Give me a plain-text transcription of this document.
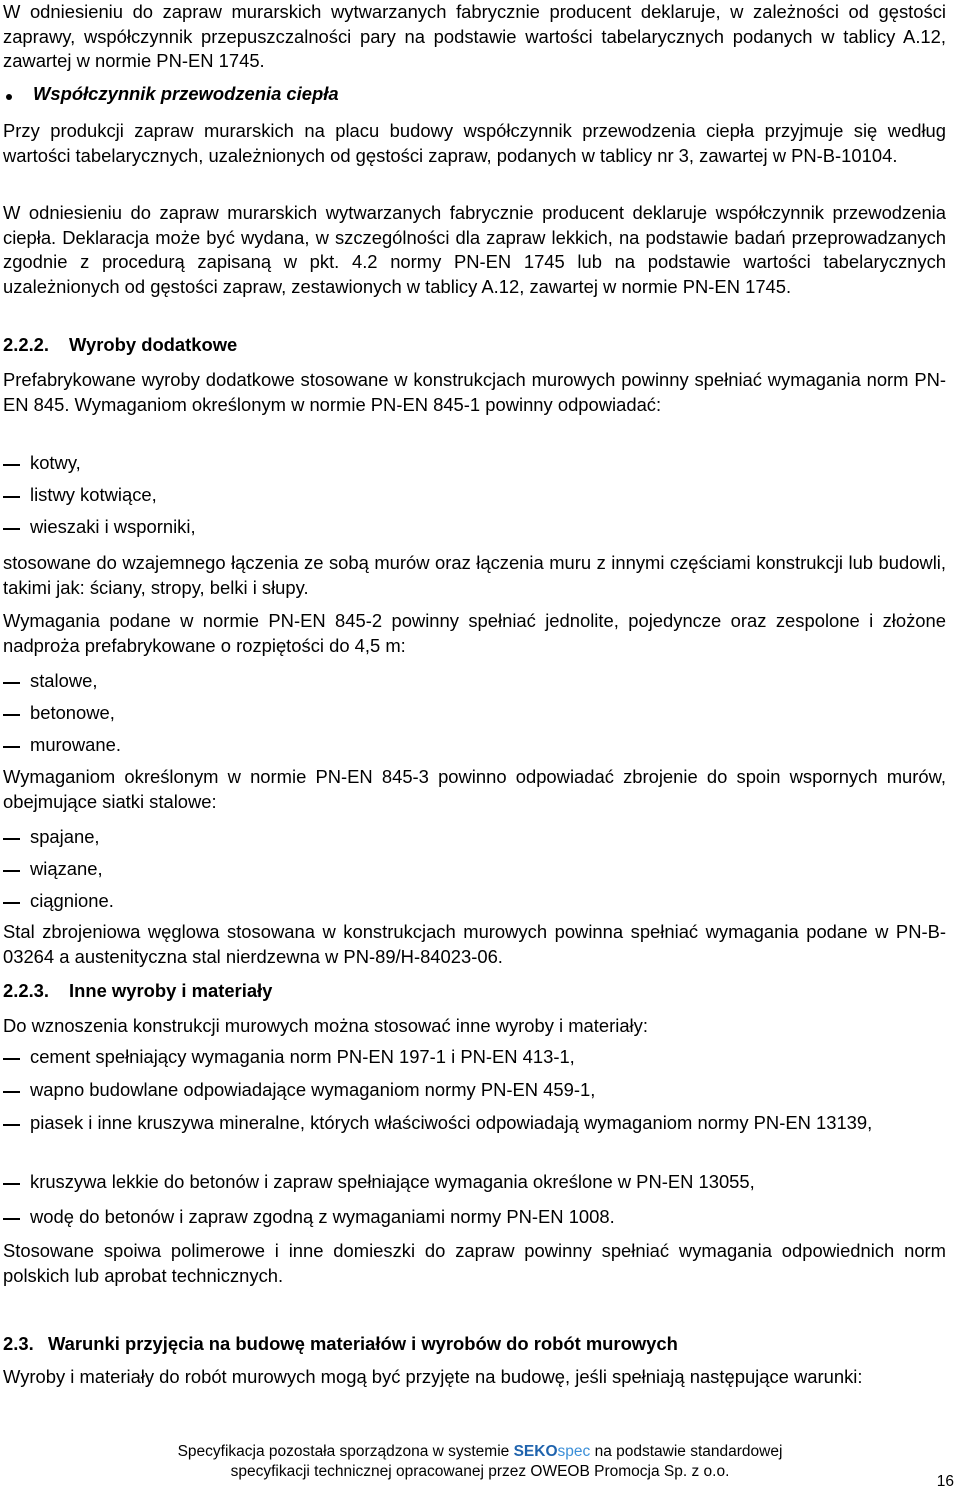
W odniesieniu do zapraw murarskich wytwarzanych fabrycznie producent deklaruje, w zależności od gęstości zaprawy, współczynnik przepuszczalności pary na podstawie wartości tabelarycznych podanych w tablicy A.12, zawartej w normie PN-EN 1745.

Współczynnik przewodzenia ciepła

Przy produkcji zapraw murarskich na placu budowy współczynnik przewodzenia ciepła przyjmuje się według wartości tabelarycznych, uzależnionych od gęstości zapraw, podanych w tablicy nr 3, zawartej w PN-B-10104.

W odniesieniu do zapraw murarskich wytwarzanych fabrycznie producent deklaruje współczynnik przewodzenia ciepła. Deklaracja może być wydana, w szczególności dla zapraw lekkich, na podstawie badań przeprowadzanych zgodnie z procedurą zapisaną w pkt. 4.2 normy PN-EN 1745 lub na podstawie wartości tabelarycznych uzależnionych od gęstości zapraw, zestawionych w tablicy A.12, zawartej w normie PN-EN 1745.

2.2.2. Wyroby dodatkowe

Prefabrykowane wyroby dodatkowe stosowane w konstrukcjach murowych powinny spełniać wymagania norm PN-EN 845. Wymaganiom określonym w normie PN-EN 845-1 powinny odpowiadać:

kotwy,

listwy kotwiące,

wieszaki i wsporniki,

stosowane do wzajemnego łączenia ze sobą murów oraz łączenia muru z innymi częściami konstrukcji lub budowli, takimi jak: ściany, stropy, belki i słupy.

Wymagania podane w normie PN-EN 845-2 powinny spełniać jednolite, pojedyncze oraz zespolone i złożone nadproża prefabrykowane o rozpiętości do 4,5 m:

stalowe,

betonowe,

murowane.

Wymaganiom określonym w normie PN-EN 845-3 powinno odpowiadać zbrojenie do spoin wspornych murów, obejmujące siatki stalowe:

spajane,

wiązane,

ciągnione.

Stal zbrojeniowa węglowa stosowana w konstrukcjach murowych powinna spełniać wymagania podane w PN-B-03264 a austenityczna stal nierdzewna w PN-89/H-84023-06.

2.2.3. Inne wyroby i materiały

Do wznoszenia konstrukcji murowych można stosować inne wyroby i materiały:

cement spełniający wymagania norm PN-EN 197-1 i PN-EN 413-1,

wapno budowlane odpowiadające wymaganiom normy PN-EN 459-1,

piasek i inne kruszywa mineralne, których właściwości odpowiadają wymaganiom normy PN-EN 13139,

kruszywa lekkie do betonów i zapraw spełniające wymagania określone w PN-EN 13055,

wodę do betonów i zapraw zgodną z wymaganiami normy PN-EN 1008.

Stosowane spoiwa polimerowe i inne domieszki do zapraw powinny spełniać wymagania odpowiednich norm polskich lub aprobat technicznych.

2.3. Warunki przyjęcia na budowę materiałów i wyrobów do robót murowych

Wyroby i materiały do robót murowych mogą być przyjęte na budowę, jeśli spełniają następujące warunki:

Specyfikacja pozostała sporządzona w systemie SEKOspec na podstawie standardowej
specyfikacji technicznej opracowanej przez OWEOB Promocja Sp. z o.o.
16
